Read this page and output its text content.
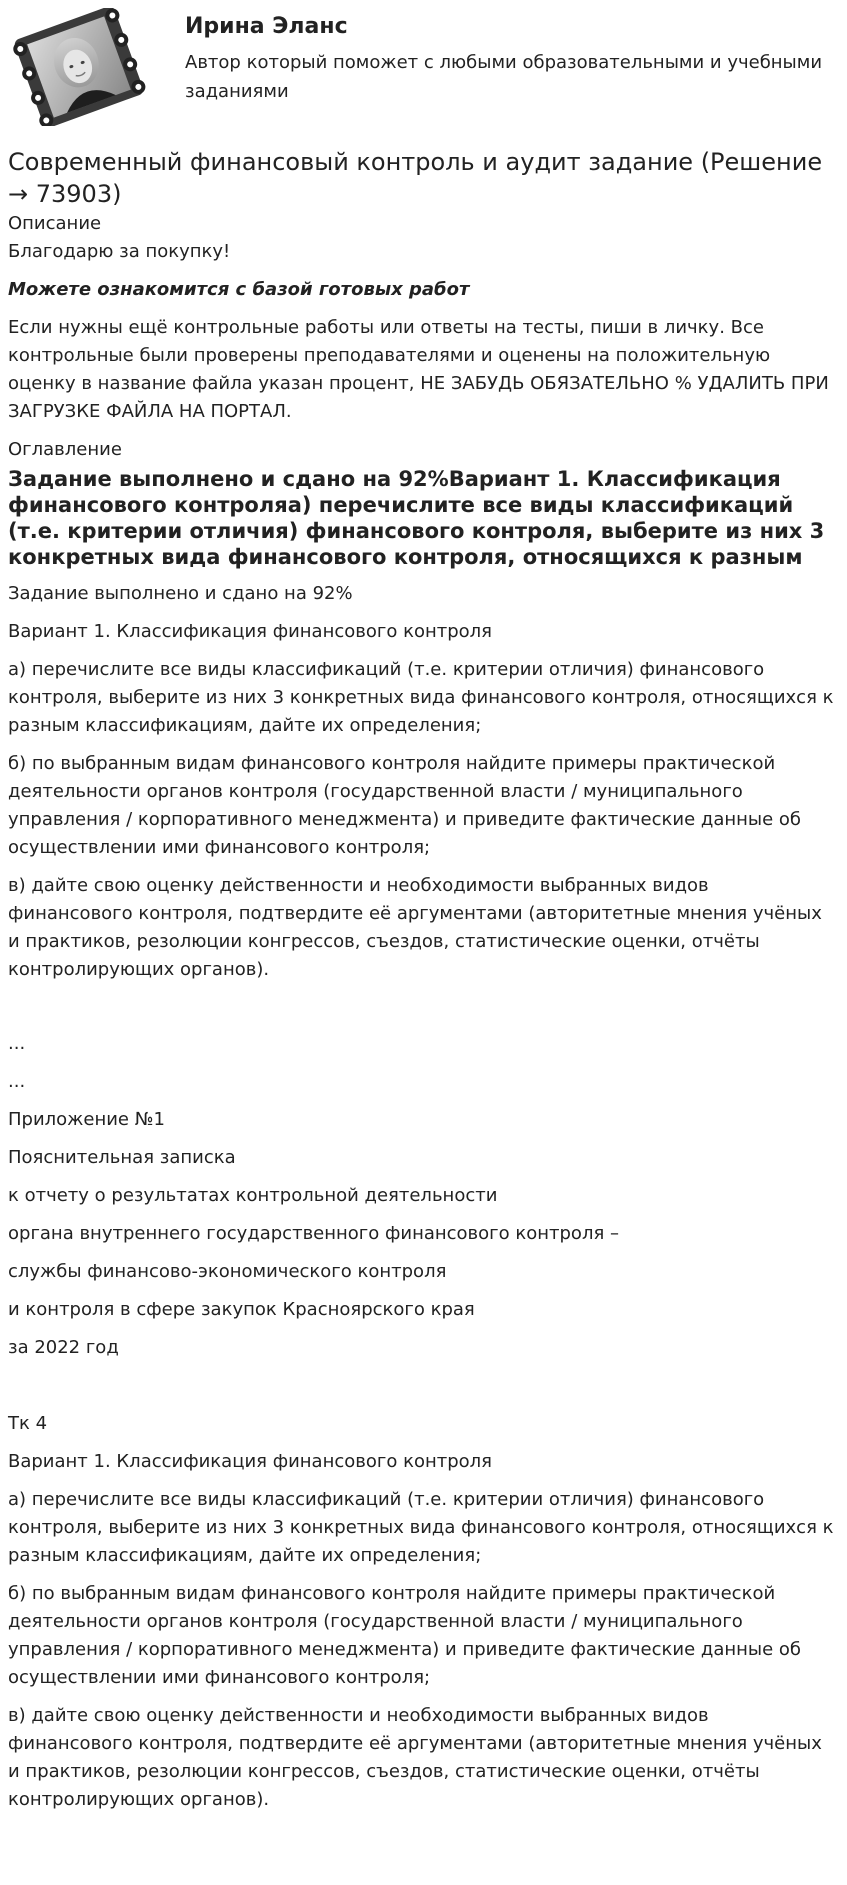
Ирина Эланс
Автор который поможет с любыми образовательными и учебными заданиями
Современный финансовый контроль и аудит задание (Решение → 73903)

Описание

Благодарю за покупку!

Можете ознакомится с базой готовых работ

Если нужны ещё контрольные работы или ответы на тесты, пиши в личку. Все контрольные были проверены преподавателями и оценены на положительную оценку в название файла указан процент, НЕ ЗАБУДЬ ОБЯЗАТЕЛЬНО % УДАЛИТЬ ПРИ ЗАГРУЗКЕ ФАЙЛА НА ПОРТАЛ.

Оглавление

Задание выполнено и сдано на 92%Вариант 1. Классификация финансового контроляа) перечислите все виды классификаций (т.е. критерии отличия) финансового контроля, выберите из них 3 конкретных вида финансового контроля, относящихся к разным

Задание выполнено и сдано на 92%

Вариант 1. Классификация финансового контроля

а) перечислите все виды классификаций (т.е. критерии отличия) финансового контроля, выберите из них 3 конкретных вида финансового контроля, относящихся к разным классификациям, дайте их определения;

б) по выбранным видам финансового контроля найдите примеры практической деятельности органов контроля (государственной власти / муниципального управления / корпоративного менеджмента) и приведите фактические данные об осуществлении ими финансового контроля;

в) дайте свою оценку действенности и необходимости выбранных видов финансового контроля, подтвердите её аргументами (авторитетные мнения учёных и практиков, резолюции конгрессов, съездов, статистические оценки, отчёты контролирующих органов).

...

...

Приложение №1

Пояснительная записка

к отчету о результатах контрольной деятельности

органа внутреннего государственного финансового контроля –

службы финансово-экономического контроля

и контроля в сфере закупок Красноярского края

за 2022 год

Тк 4

Вариант 1. Классификация финансового контроля

а) перечислите все виды классификаций (т.е. критерии отличия) финансового контроля, выберите из них 3 конкретных вида финансового контроля, относящихся к разным классификациям, дайте их определения;

б) по выбранным видам финансового контроля найдите примеры практической деятельности органов контроля (государственной власти / муниципального управления / корпоративного менеджмента) и приведите фактические данные об осуществлении ими финансового контроля;

в) дайте свою оценку действенности и необходимости выбранных видов финансового контроля, подтвердите её аргументами (авторитетные мнения учёных и практиков, резолюции конгрессов, съездов, статистические оценки, отчёты контролирующих органов).
